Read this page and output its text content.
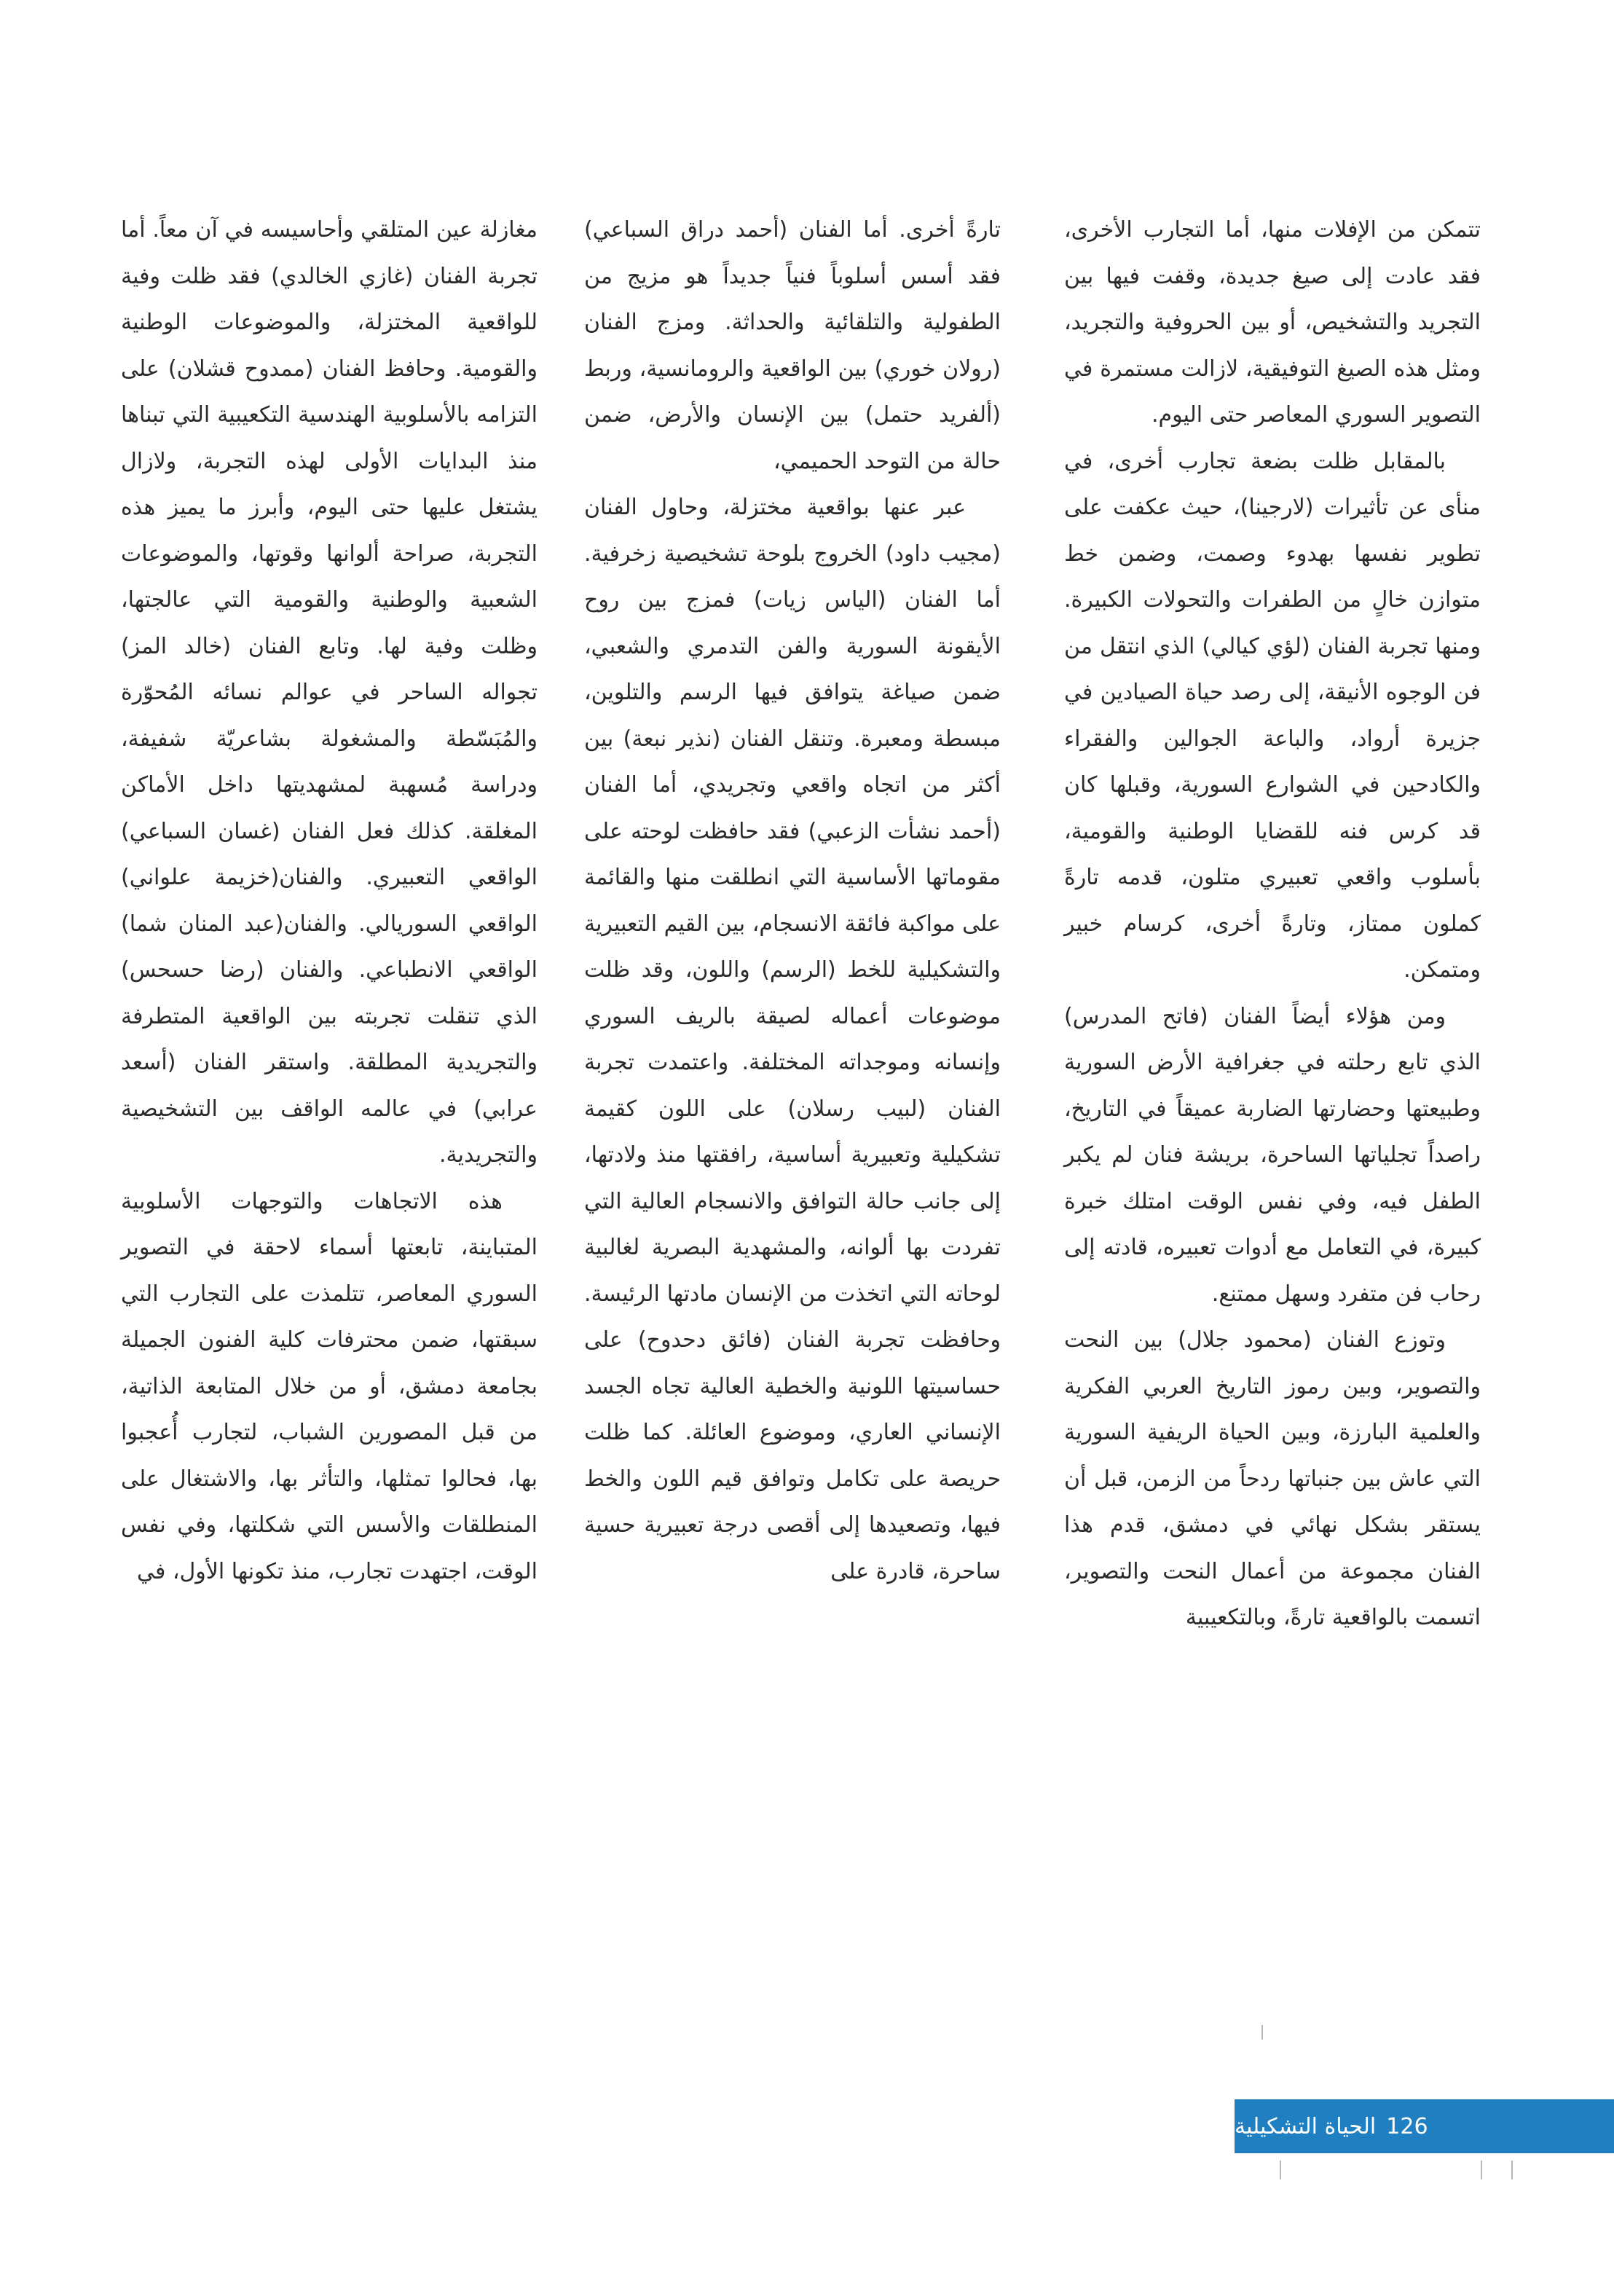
تتمكن من الإفلات منها، أما التجارب الأخرى، فقد عادت إلى صيغ جديدة، وقفت فيها بين التجريد والتشخيص، أو بين الحروفية والتجريد، ومثل هذه الصيغ التوفيقية، لازالت مستمرة في التصوير السوري المعاصر حتى اليوم.

بالمقابل ظلت بضعة تجارب أخرى، في منأى عن تأثيرات (لارجينا)، حيث عكفت على تطوير نفسها بهدوء وصمت، وضمن خط متوازن خالٍ من الطفرات والتحولات الكبيرة. ومنها تجربة الفنان (لؤي كيالي) الذي انتقل من فن الوجوه الأنيقة، إلى رصد حياة الصيادين في جزيرة أرواد، والباعة الجوالين والفقراء والكادحين في الشوارع السورية، وقبلها كان قد كرس فنه للقضايا الوطنية والقومية، بأسلوب واقعي تعبيري متلون، قدمه تارةً كملون ممتاز، وتارةً أخرى، كرسام خبير ومتمكن.

ومن هؤلاء أيضاً الفنان (فاتح المدرس) الذي تابع رحلته في جغرافية الأرض السورية وطبيعتها وحضارتها الضاربة عميقاً في التاريخ، راصداً تجلياتها الساحرة، بريشة فنان لم يكبر الطفل فيه، وفي نفس الوقت امتلك خبرة كبيرة، في التعامل مع أدوات تعبيره، قادته إلى رحاب فن متفرد وسهل ممتنع.

وتوزع الفنان (محمود جلال) بين النحت والتصوير، وبين رموز التاريخ العربي الفكرية والعلمية البارزة، وبين الحياة الريفية السورية التي عاش بين جنباتها ردحاً من الزمن، قبل أن يستقر بشكل نهائي في دمشق، قدم هذا الفنان مجموعة من أعمال النحت والتصوير، اتسمت بالواقعية تارةً، وبالتكعيبية

تارةً أخرى. أما الفنان (أحمد دراق السباعي) فقد أسس أسلوباً فنياً جديداً هو مزيج من الطفولية والتلقائية والحداثة. ومزج الفنان (رولان خوري) بين الواقعية والرومانسية، وربط (ألفريد حتمل) بين الإنسان والأرض، ضمن حالة من التوحد الحميمي،

عبر عنها بواقعية مختزلة، وحاول الفنان (مجيب داود) الخروج بلوحة تشخيصية زخرفية. أما الفنان (الياس زيات) فمزج بين روح الأيقونة السورية والفن التدمري والشعبي، ضمن صياغة يتوافق فيها الرسم والتلوين، مبسطة ومعبرة. وتنقل الفنان (نذير نبعة) بين أكثر من اتجاه واقعي وتجريدي، أما الفنان (أحمد نشأت الزعبي) فقد حافظت لوحته على مقوماتها الأساسية التي انطلقت منها والقائمة على مواكبة فائقة الانسجام، بين القيم التعبيرية والتشكيلية للخط (الرسم) واللون، وقد ظلت موضوعات أعماله لصيقة بالريف السوري وإنسانه وموجداته المختلفة. واعتمدت تجربة الفنان (لبيب رسلان) على اللون كقيمة تشكيلية وتعبيرية أساسية، رافقتها منذ ولادتها، إلى جانب حالة التوافق والانسجام العالية التي تفردت بها ألوانه، والمشهدية البصرية لغالبية لوحاته التي اتخذت من الإنسان مادتها الرئيسة. وحافظت تجربة الفنان (فائق دحدوح) على حساسيتها اللونية والخطية العالية تجاه الجسد الإنساني العاري، وموضوع العائلة. كما ظلت حريصة على تكامل وتوافق قيم اللون والخط فيها، وتصعيدها إلى أقصى درجة تعبيرية حسية ساحرة، قادرة على

مغازلة عين المتلقي وأحاسيسه في آن معاً. أما تجربة الفنان (غازي الخالدي) فقد ظلت وفية للواقعية المختزلة، والموضوعات الوطنية والقومية. وحافظ الفنان (ممدوح قشلان) على التزامه بالأسلوبية الهندسية التكعيبية التي تبناها منذ البدايات الأولى لهذه التجربة، ولازال يشتغل عليها حتى اليوم، وأبرز ما يميز هذه التجربة، صراحة ألوانها وقوتها، والموضوعات الشعبية والوطنية والقومية التي عالجتها، وظلت وفية لها. وتابع الفنان (خالد المز) تجواله الساحر في عوالم نسائه المُحوّرة والمُبَسّطة والمشغولة بشاعريّة شفيفة، ودراسة مُسهبة لمشهديتها داخل الأماكن المغلقة. كذلك فعل الفنان (غسان السباعي) الواقعي التعبيري. والفنان(خزيمة علواني) الواقعي السوريالي. والفنان(عبد المنان شما) الواقعي الانطباعي. والفنان (رضا حسحس) الذي تنقلت تجربته بين الواقعية المتطرفة والتجريدية المطلقة. واستقر الفنان (أسعد عرابي) في عالمه الواقف بين التشخيصية والتجريدية.

هذه الاتجاهات والتوجهات الأسلوبية المتباينة، تابعتها أسماء لاحقة في التصوير السوري المعاصر، تتلمذت على التجارب التي سبقتها، ضمن محترفات كلية الفنون الجميلة بجامعة دمشق، أو من خلال المتابعة الذاتية، من قبل المصورين الشباب، لتجارب أُعجبوا بها، فحالوا تمثلها، والتأثر بها، والاشتغال على المنطلقات والأسس التي شكلتها، وفي نفس الوقت، اجتهدت تجارب، منذ تكونها الأول، في

126
الحياة التشكيلية
